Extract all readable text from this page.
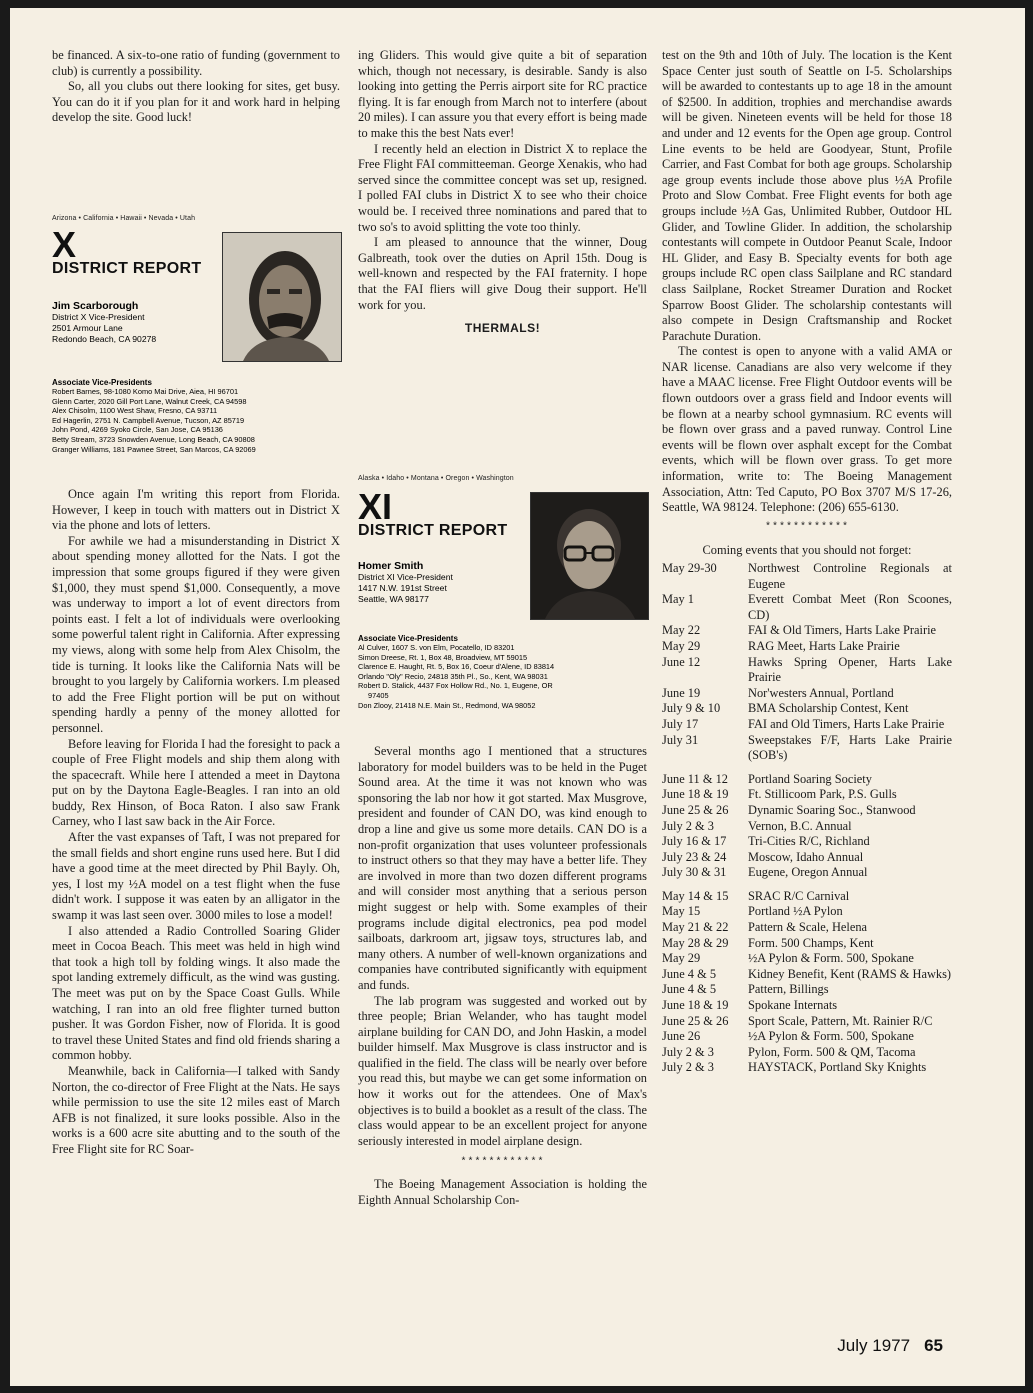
be financed. A six-to-one ratio of funding (government to club) is currently a possibility.

So, all you clubs out there looking for sites, get busy. You can do it if you plan for it and work hard in helping develop the site. Good luck!

Arizona • California • Hawaii • Nevada • Utah
X
DISTRICT REPORT
Jim Scarborough
District X Vice-President
2501 Armour Lane
Redondo Beach, CA 90278
Associate Vice-Presidents
Robert Barnes, 98-1080 Komo Mai Drive, Aiea, HI 96701
Glenn Carter, 2020 Gill Port Lane, Walnut Creek, CA 94598
Alex Chisolm, 1100 West Shaw, Fresno, CA 93711
Ed Hagerlin, 2751 N. Campbell Avenue, Tucson, AZ 85719
John Pond, 4269 Syoko Circle, San Jose, CA 95136
Betty Stream, 3723 Snowden Avenue, Long Beach, CA 90808
Granger Williams, 181 Pawnee Street, San Marcos, CA 92069

Once again I'm writing this report from Florida. However, I keep in touch with matters out in District X via the phone and lots of letters.

For awhile we had a misunderstanding in District X about spending money allotted for the Nats. I got the impression that some groups figured if they were given $1,000, they must spend $1,000. Consequently, a move was underway to import a lot of event directors from points east. I felt a lot of individuals were overlooking some powerful talent right in California. After expressing my views, along with some help from Alex Chisolm, the tide is turning. It looks like the California Nats will be brought to you largely by California workers. I.m pleased to add the Free Flight portion will be put on without spending hardly a penny of the money allotted for personnel.

Before leaving for Florida I had the foresight to pack a couple of Free Flight models and ship them along with the spacecraft. While here I attended a meet in Daytona put on by the Daytona Eagle-Beagles. I ran into an old buddy, Rex Hinson, of Boca Raton. I also saw Frank Carney, who I last saw back in the Air Force.

After the vast expanses of Taft, I was not prepared for the small fields and short engine runs used here. But I did have a good time at the meet directed by Phil Bayly. Oh, yes, I lost my ½A model on a test flight when the fuse didn't work. I suppose it was eaten by an alligator in the swamp it was last seen over. 3000 miles to lose a model!

I also attended a Radio Controlled Soaring Glider meet in Cocoa Beach. This meet was held in high wind that took a high toll by folding wings. It also made the spot landing extremely difficult, as the wind was gusting. The meet was put on by the Space Coast Gulls. While watching, I ran into an old free flighter turned button pusher. It was Gordon Fisher, now of Florida. It is good to travel these United States and find old friends sharing a common hobby.

Meanwhile, back in California—I talked with Sandy Norton, the co-director of Free Flight at the Nats. He says while permission to use the site 12 miles east of March AFB is not finalized, it sure looks possible. Also in the works is a 600 acre site abutting and to the south of the Free Flight site for RC Soar-

ing Gliders. This would give quite a bit of separation which, though not necessary, is desirable. Sandy is also looking into getting the Perris airport site for RC practice flying. It is far enough from March not to interfere (about 20 miles). I can assure you that every effort is being made to make this the best Nats ever!

I recently held an election in District X to replace the Free Flight FAI committeeman. George Xenakis, who had served since the committee concept was set up, resigned. I polled FAI clubs in District X to see who their choice would be. I received three nominations and pared that to two so's to avoid splitting the vote too thinly.

I am pleased to announce that the winner, Doug Galbreath, took over the duties on April 15th. Doug is well-known and respected by the FAI fraternity. I hope that the FAI fliers will give Doug their support. He'll work for you.

THERMALS!
Alaska • Idaho • Montana • Oregon • Washington
XI
DISTRICT REPORT
Homer Smith
District XI Vice-President
1417 N.W. 191st Street
Seattle, WA 98177
Associate Vice-Presidents
Al Culver, 1607 S. von Elm, Pocatello, ID 83201
Simon Dreese, Rt. 1, Box 48, Broadview, MT 59015
Clarence E. Haught, Rt. 5, Box 16, Coeur d'Alene, ID 83814
Orlando "Oly" Recio, 24818 35th Pl., So., Kent, WA 98031
Robert D. Stalick, 4437 Fox Hollow Rd., No. 1, Eugene, OR
97405
Don Zlooy, 21418 N.E. Main St., Redmond, WA 98052

Several months ago I mentioned that a structures laboratory for model builders was to be held in the Puget Sound area. At the time it was not known who was sponsoring the lab nor how it got started. Max Musgrove, president and founder of CAN DO, was kind enough to drop a line and give us some more details. CAN DO is a non-profit organization that uses volunteer professionals to instruct others so that they may have a better life. They are involved in more than two dozen different programs and will consider most anything that a serious person might suggest or help with. Some examples of their programs include digital electronics, pea pod model sailboats, darkroom art, jigsaw toys, structures lab, and many others. A number of well-known organizations and companies have contributed significantly with equipment and funds.

The lab program was suggested and worked out by three people; Brian Welander, who has taught model airplane building for CAN DO, and John Haskin, a model builder himself. Max Musgrove is class instructor and is qualified in the field. The class will be nearly over before you read this, but maybe we can get some information on how it works out for the attendees. One of Max's objectives is to build a booklet as a result of the class. The class would appear to be an excellent project for anyone seriously interested in model airplane design.

************

The Boeing Management Association is holding the Eighth Annual Scholarship Con-

test on the 9th and 10th of July. The location is the Kent Space Center just south of Seattle on I-5. Scholarships will be awarded to contestants up to age 18 in the amount of $2500. In addition, trophies and merchandise awards will be given. Nineteen events will be held for those 18 and under and 12 events for the Open age group. Control Line events to be held are Goodyear, Stunt, Profile Carrier, and Fast Combat for both age groups. Scholarship age group events include those above plus ½A Profile Proto and Slow Combat. Free Flight events for both age groups include ½A Gas, Unlimited Rubber, Outdoor HL Glider, and Towline Glider. In addition, the scholarship contestants will compete in Outdoor Peanut Scale, Indoor HL Glider, and Easy B. Specialty events for both age groups include RC open class Sailplane and RC standard class Sailplane, Rocket Streamer Duration and Rocket Sparrow Boost Glider. The scholarship contestants will also compete in Design Craftsmanship and Rocket Parachute Duration.

The contest is open to anyone with a valid AMA or NAR license. Canadians are also very welcome if they have a MAAC license. Free Flight Outdoor events will be flown outdoors over a grass field and Indoor events will be flown at a nearby school gymnasium. RC events will be flown over grass and a paved runway. Control Line events will be flown over asphalt except for the Combat events, which will be flown over grass. To get more information, write to: The Boeing Management Association, Attn: Ted Caputo, PO Box 3707 M/S 17-26, Seattle, WA 98124. Telephone: (206) 655-6130.

************
Coming events that you should not forget:
May 29-30	Northwest Controline Regionals at Eugene
May 1	Everett Combat Meet (Ron Scoones, CD)
May 22	FAI & Old Timers, Harts Lake Prairie
May 29	RAG Meet, Harts Lake Prairie
June 12	Hawks Spring Opener, Harts Lake Prairie
June 19	Nor'westers Annual, Portland
July 9 & 10	BMA Scholarship Contest, Kent
July 17	FAI and Old Timers, Harts Lake Prairie
July 31	Sweepstakes F/F, Harts Lake Prairie (SOB's)
June 11 & 12	Portland Soaring Society
June 18 & 19	Ft. Stillicoom Park, P.S. Gulls
June 25 & 26	Dynamic Soaring Soc., Stanwood
July 2 & 3	Vernon, B.C. Annual
July 16 & 17	Tri-Cities R/C, Richland
July 23 & 24	Moscow, Idaho Annual
July 30 & 31	Eugene, Oregon Annual
May 14 & 15	SRAC R/C Carnival
May 15	Portland ½A Pylon
May 21 & 22	Pattern & Scale, Helena
May 28 & 29	Form. 500 Champs, Kent
May 29	½A Pylon & Form. 500, Spokane
June 4 & 5	Kidney Benefit, Kent (RAMS & Hawks)
June 4 & 5	Pattern, Billings
June 18 & 19	Spokane Internats
June 25 & 26	Sport Scale, Pattern, Mt. Rainier R/C
June 26	½A Pylon & Form. 500, Spokane
July 2 & 3	Pylon, Form. 500 & QM, Tacoma
July 2 & 3	HAYSTACK, Portland Sky Knights
July 1977 65
